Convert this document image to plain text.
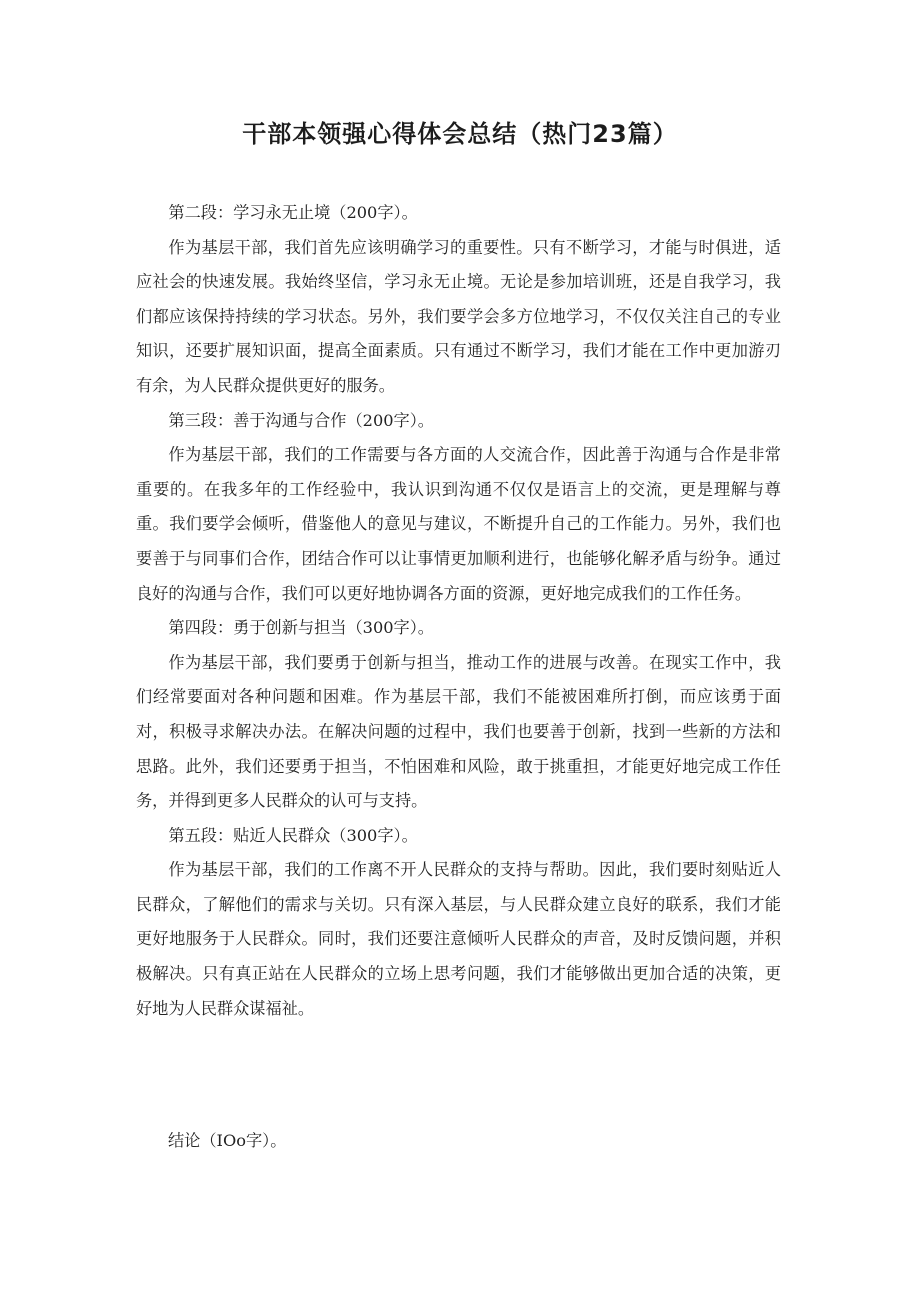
干部本领强心得体会总结（热门23篇）

第二段：学习永无止境（200字）。

作为基层干部，我们首先应该明确学习的重要性。只有不断学习，才能与时俱进，适应社会的快速发展。我始终坚信，学习永无止境。无论是参加培训班，还是自我学习，我们都应该保持持续的学习状态。另外，我们要学会多方位地学习，不仅仅关注自己的专业知识，还要扩展知识面，提高全面素质。只有通过不断学习，我们才能在工作中更加游刃有余，为人民群众提供更好的服务。

第三段：善于沟通与合作（200字）。

作为基层干部，我们的工作需要与各方面的人交流合作，因此善于沟通与合作是非常重要的。在我多年的工作经验中，我认识到沟通不仅仅是语言上的交流，更是理解与尊重。我们要学会倾听，借鉴他人的意见与建议，不断提升自己的工作能力。另外，我们也要善于与同事们合作，团结合作可以让事情更加顺利进行，也能够化解矛盾与纷争。通过良好的沟通与合作，我们可以更好地协调各方面的资源，更好地完成我们的工作任务。

第四段：勇于创新与担当（300字）。

作为基层干部，我们要勇于创新与担当，推动工作的进展与改善。在现实工作中，我们经常要面对各种问题和困难。作为基层干部，我们不能被困难所打倒，而应该勇于面对，积极寻求解决办法。在解决问题的过程中，我们也要善于创新，找到一些新的方法和思路。此外，我们还要勇于担当，不怕困难和风险，敢于挑重担，才能更好地完成工作任务，并得到更多人民群众的认可与支持。

第五段：贴近人民群众（300字）。

作为基层干部，我们的工作离不开人民群众的支持与帮助。因此，我们要时刻贴近人民群众，了解他们的需求与关切。只有深入基层，与人民群众建立良好的联系，我们才能更好地服务于人民群众。同时，我们还要注意倾听人民群众的声音，及时反馈问题，并积极解决。只有真正站在人民群众的立场上思考问题，我们才能够做出更加合适的决策，更好地为人民群众谋福祉。

结论（IOo字）。
